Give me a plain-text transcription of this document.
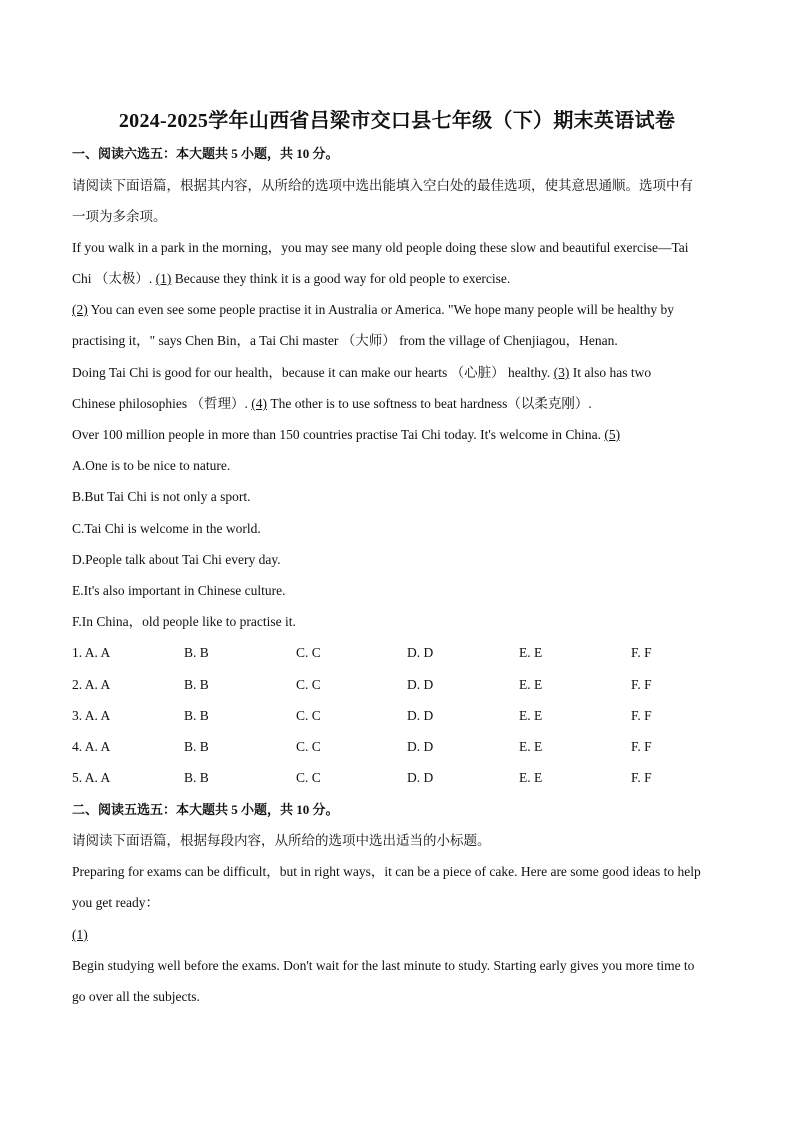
2024-2025学年山西省吕梁市交口县七年级（下）期末英语试卷
一、阅读六选五：本大题共 5 小题，共 10 分。
请阅读下面语篇，根据其内容，从所给的选项中选出能填入空白处的最佳选项，使其意思通顺。选项中有
一项为多余项。
If you walk in a park in the morning，you may see many old people doing these slow and beautiful exercise—Tai
Chi （太极）. (1) Because they think it is a good way for old people to exercise.
(2) You can even see some people practise it in Australia or America. "We hope many people will be healthy by
practising it，" says Chen Bin，a Tai Chi master （大师） from the village of Chenjiagou，Henan.
Doing Tai Chi is good for our health，because it can make our hearts （心脏） healthy. (3) It also has two
Chinese philosophies （哲理）. (4) The other is to use softness to beat hardness（以柔克刚）.
Over 100 million people in more than 150 countries practise Tai Chi today. It's welcome in China. (5)
A.One is to be nice to nature.
B.But Tai Chi is not only a sport.
C.Tai Chi is welcome in the world.
D.People talk about Tai Chi every day.
E.It's also important in Chinese culture.
F.In China，old people like to practise it.
1. A. A	B. B	C. C	D. D	E. E	F. F
2. A. A	B. B	C. C	D. D	E. E	F. F
3. A. A	B. B	C. C	D. D	E. E	F. F
4. A. A	B. B	C. C	D. D	E. E	F. F
5. A. A	B. B	C. C	D. D	E. E	F. F
二、阅读五选五：本大题共 5 小题，共 10 分。
请阅读下面语篇，根据每段内容，从所给的选项中选出适当的小标题。
Preparing for exams can be difficult，but in right ways，it can be a piece of cake. Here are some good ideas to help
you get ready：
(1)
Begin studying well before the exams. Don't wait for the last minute to study. Starting early gives you more time to
go over all the subjects.
